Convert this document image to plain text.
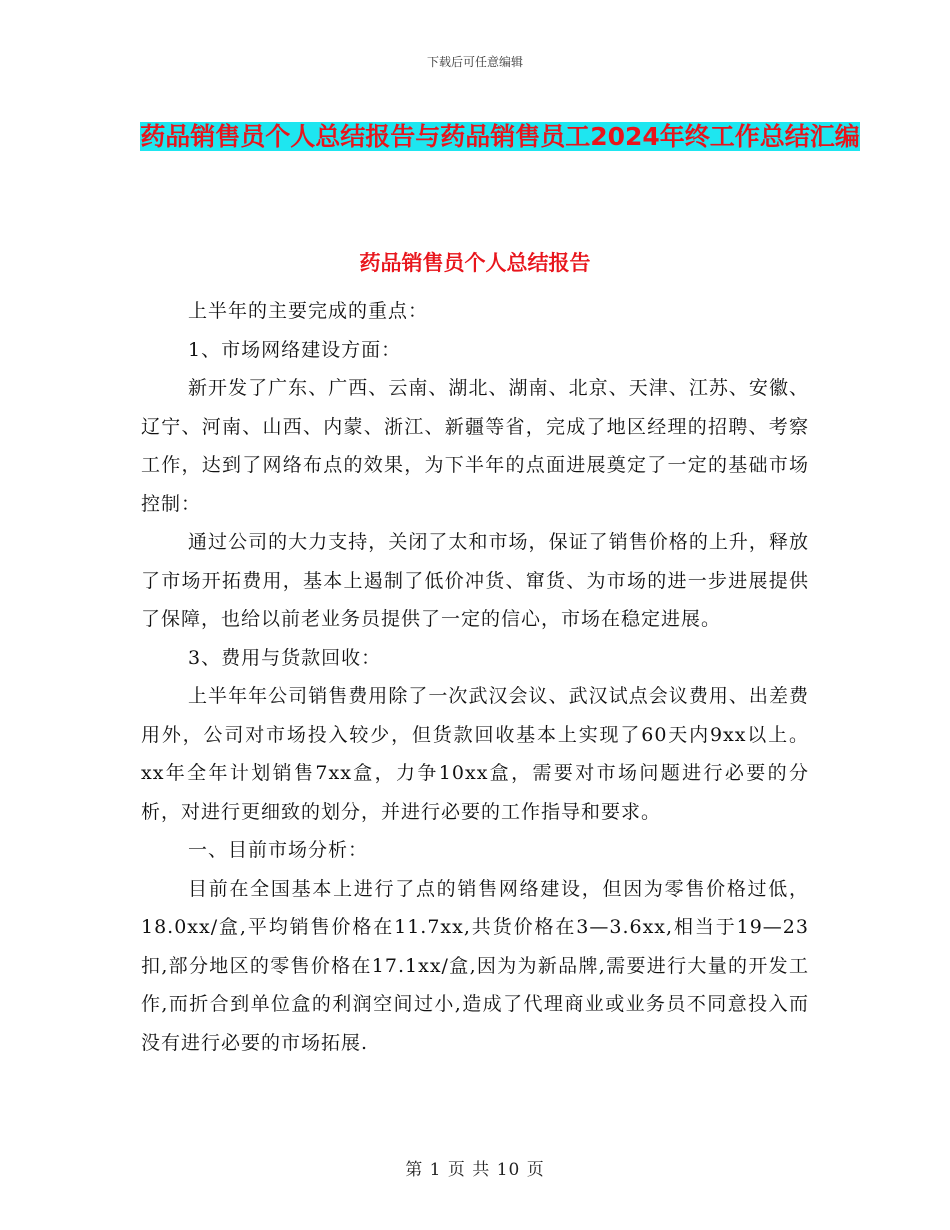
下载后可任意编辑
药品销售员个人总结报告与药品销售员工2024年终工作总结汇编
药品销售员个人总结报告

上半年的主要完成的重点：

1、市场网络建设方面：

新开发了广东、广西、云南、湖北、湖南、北京、天津、江苏、安徽、辽宁、河南、山西、内蒙、浙江、新疆等省，完成了地区经理的招聘、考察工作，达到了网络布点的效果，为下半年的点面进展奠定了一定的基础市场控制：

通过公司的大力支持，关闭了太和市场，保证了销售价格的上升，释放了市场开拓费用，基本上遏制了低价冲货、窜货、为市场的进一步进展提供了保障，也给以前老业务员提供了一定的信心，市场在稳定进展。

3、费用与货款回收：

上半年年公司销售费用除了一次武汉会议、武汉试点会议费用、出差费用外，公司对市场投入较少，但货款回收基本上实现了60天内9xx以上。 xx年全年计划销售7xx盒，力争10xx盒，需要对市场问题进行必要的分析，对进行更细致的划分，并进行必要的工作指导和要求。

一、目前市场分析：

目前在全国基本上进行了点的销售网络建设，但因为零售价格过低，18.0xx/盒,平均销售价格在11.7xx,共货价格在3—3.6xx,相当于19—23扣,部分地区的零售价格在17.1xx/盒,因为为新品牌,需要进行大量的开发工作,而折合到单位盒的利润空间过小,造成了代理商业或业务员不同意投入而没有进行必要的市场拓展.

第 1 页 共 10 页
